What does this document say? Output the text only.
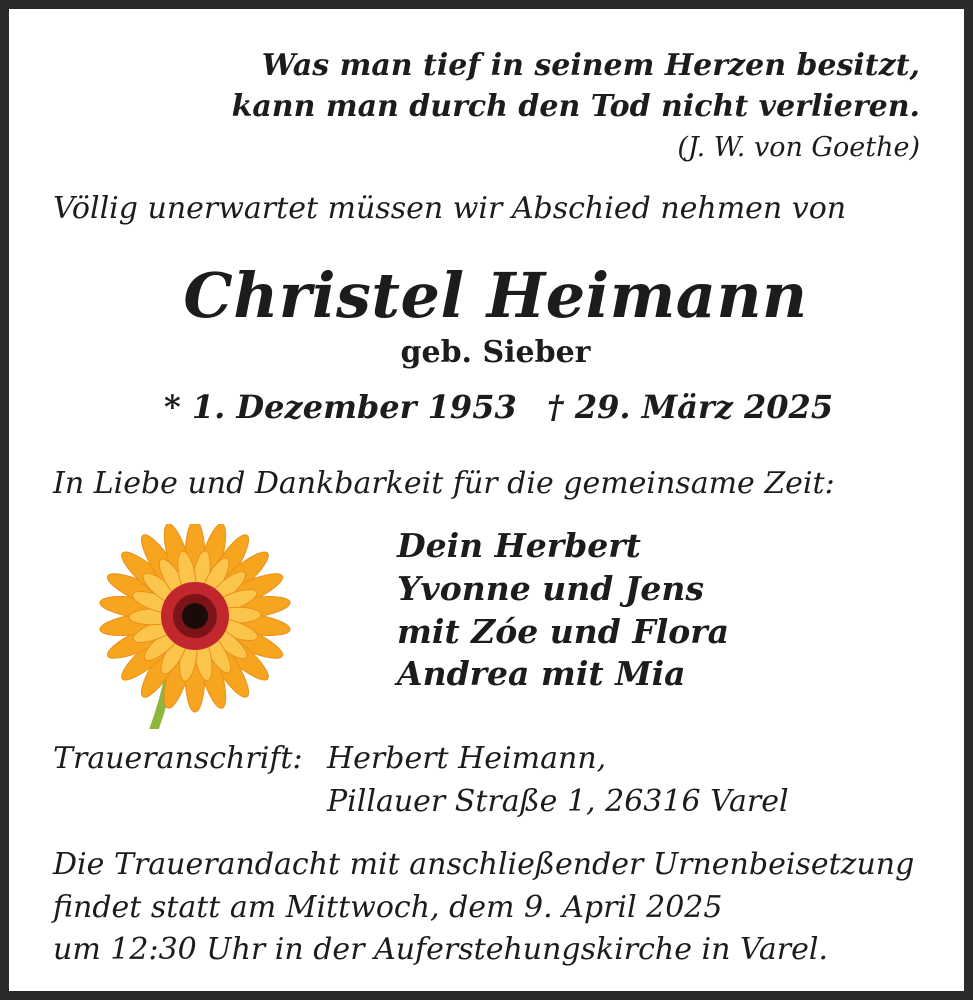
Was man tief in seinem Herzen besitzt,

kann man durch den Tod nicht verlieren.

(J. W. von Goethe)

Völlig unerwartet müssen wir Abschied nehmen von

Christel Heimann

geb. Sieber

* 1. Dezember 1953 † 29. März 2025

In Liebe und Dankbarkeit für die gemeinsame Zeit:

Dein Herbert

Yvonne und Jens

mit Zóe und Flora

Andrea mit Mia

Traueranschrift: Herbert Heimann,

Pillauer Straße 1, 26316 Varel

Die Trauerandacht mit anschließender Urnenbeisetzung

findet statt am Mittwoch, dem 9. April 2025

um 12:30 Uhr in der Auferstehungskirche in Varel.
